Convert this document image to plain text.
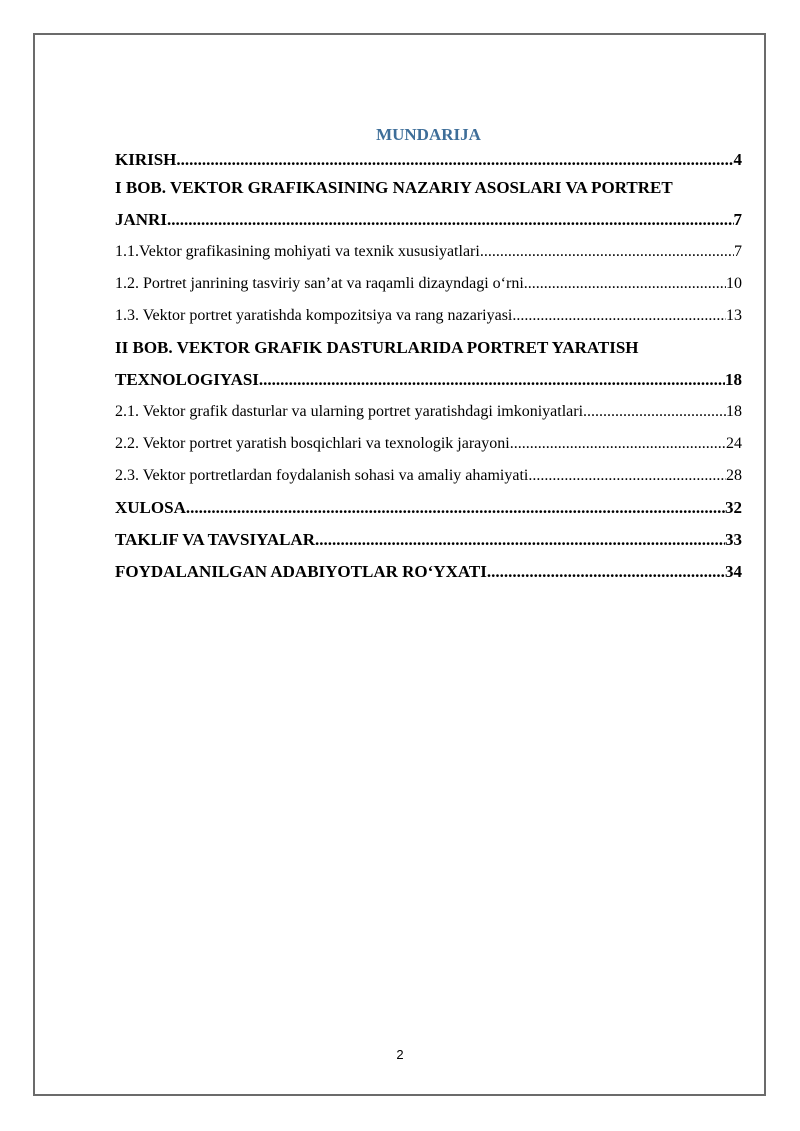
MUNDARIJA
KIRISH .....	4
I BOB. VEKTOR GRAFIKASINING NAZARIY ASOSLARI VA PORTRET
JANRI .....	7
1.1.Vektor grafikasining mohiyati va texnik xususiyatlari .....	7
1.2. Portret janrining tasviriy san’at va raqamli dizayndagi o‘rni .....	10
1.3. Vektor portret yaratishda kompozitsiya va rang nazariyasi .....	13
II BOB. VEKTOR GRAFIK DASTURLARIDA PORTRET YARATISH
TEXNOLOGIYASI .....	18
2.1. Vektor grafik dasturlar va ularning portret yaratishdagi imkoniyatlari .....	18
2.2. Vektor portret yaratish bosqichlari va texnologik jarayoni .....	24
2.3. Vektor portretlardan foydalanish sohasi va amaliy ahamiyati .....	28
XULOSA .....	32
TAKLIF VA TAVSIYALAR .....	33
FOYDALANILGAN ADABIYOTLAR RO‘YXATI .....	34
2
